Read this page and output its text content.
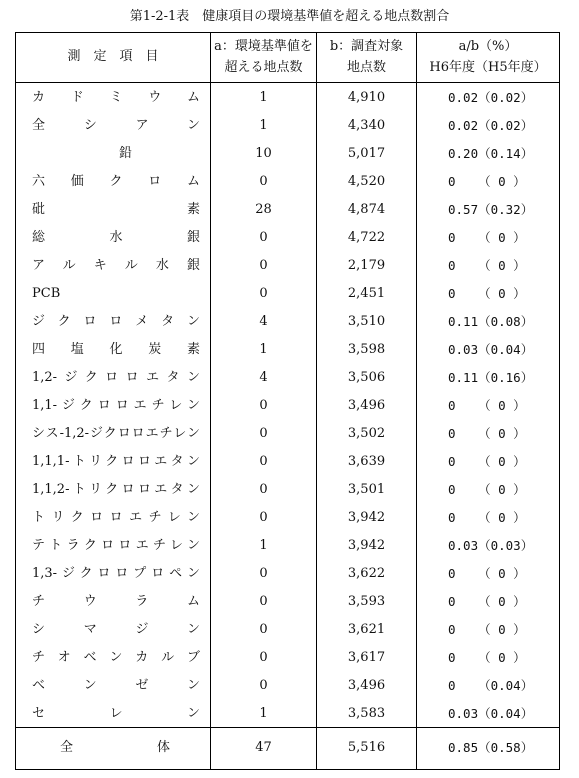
第1-2-1表　健康項目の環境基準値を超える地点数割合
測　定　項　目
a：環境基準値を
超える地点数
b：調査対象
地点数
a/b（%）
H6年度（H5年度）
カドミウム	1	4,910	0.02（0.02）
全シアン	1	4,340	0.02（0.02）
鉛	10	5,017	0.20（0.14）
六価クロム	0	4,520	0   （ 0 ）
砒素	28	4,874	0.57（0.32）
総水銀	0	4,722	0   （ 0 ）
アルキル水銀	0	2,179	0   （ 0 ）
PCB	0	2,451	0   （ 0 ）
ジクロロメタン	4	3,510	0.11（0.08）
四塩化炭素	1	3,598	0.03（0.04）
1,2-ジクロロエタン	4	3,506	0.11（0.16）
1,1-ジクロロエチレン	0	3,496	0   （ 0 ）
シス-1,2-ジクロロエチレン	0	3,502	0   （ 0 ）
1,1,1-トリクロロエタン	0	3,639	0   （ 0 ）
1,1,2-トリクロロエタン	0	3,501	0   （ 0 ）
トリクロロエチレン	0	3,942	0   （ 0 ）
テトラクロロエチレン	1	3,942	0.03（0.03）
1,3-ジクロロプロペン	0	3,622	0   （ 0 ）
チウラム	0	3,593	0   （ 0 ）
シマジン	0	3,621	0   （ 0 ）
チオベンカルブ	0	3,617	0   （ 0 ）
ベンゼン	0	3,496	0   （0.04）
セレン	1	3,583	0.03（0.04）
全体	47	5,516	0.85（0.58）
